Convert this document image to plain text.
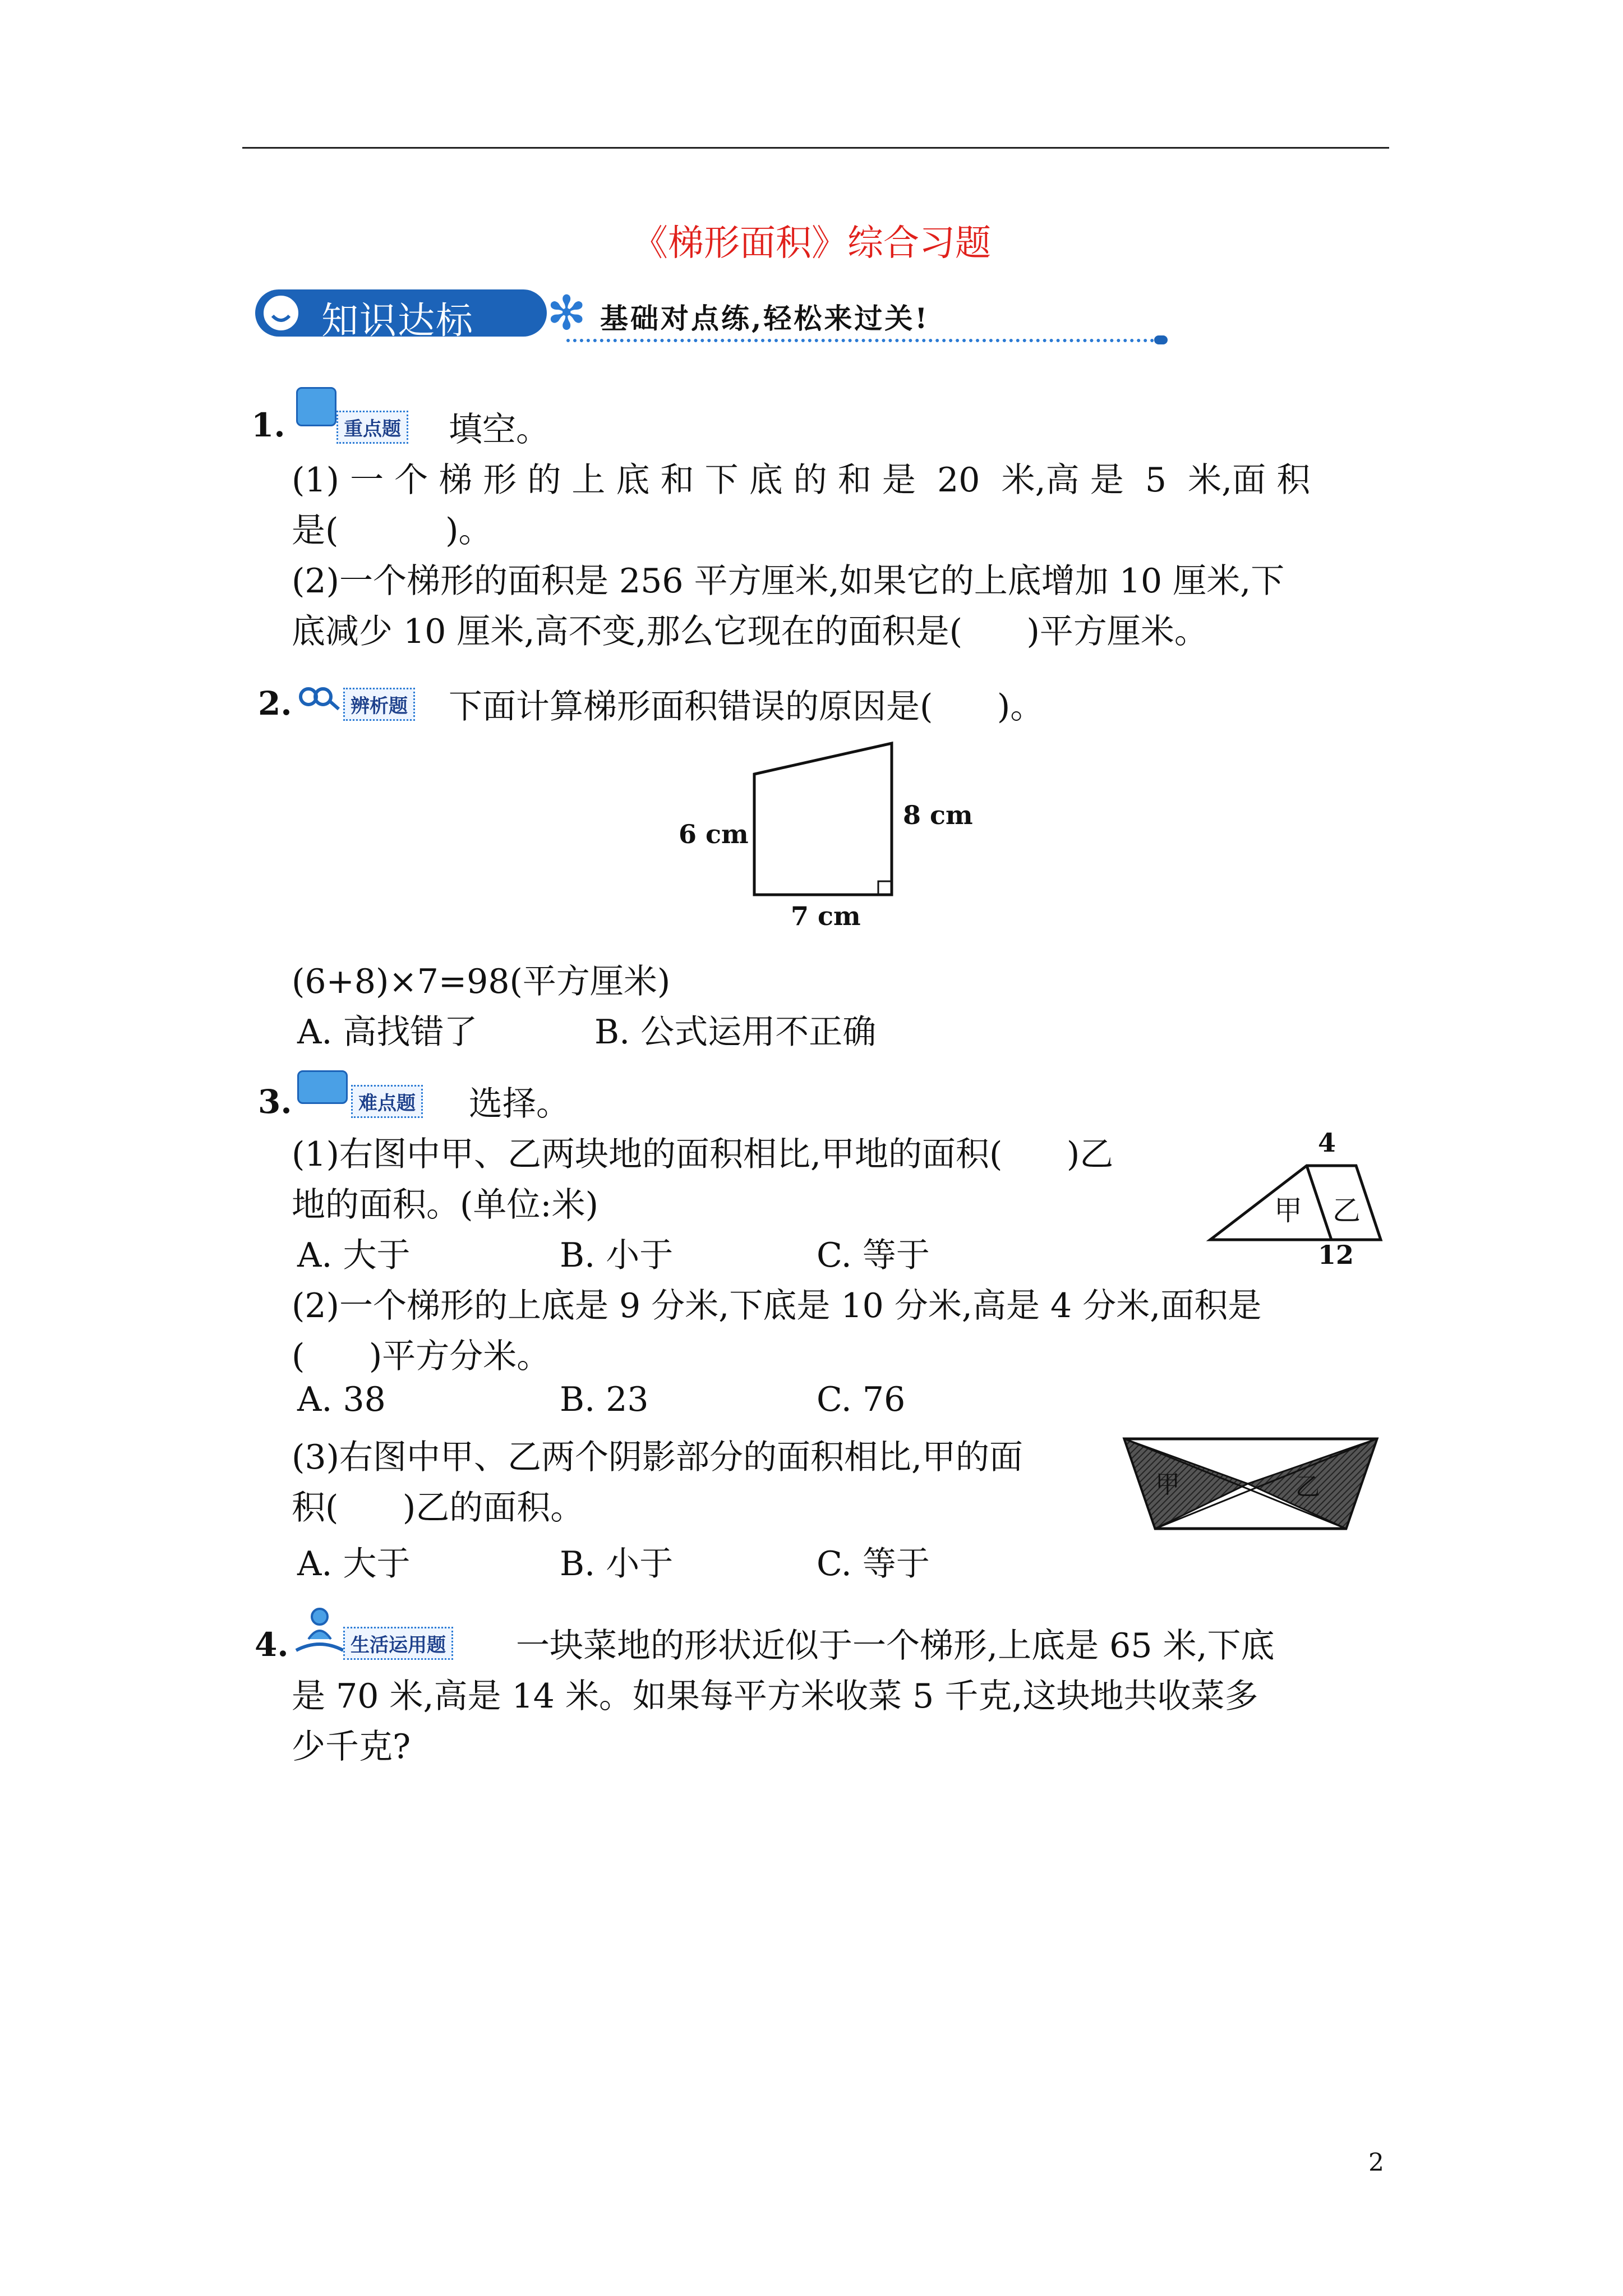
《梯形面积》综合习题
知识达标 ✻ 基础对点练,轻松来过关!
1.	重点题 填空。
(1) 一 个 梯 形 的 上 底 和 下 底 的 和 是  20  米,高 是  5  米,面 积
是(          )。
(2)一个梯形的面积是 256 平方厘米,如果它的上底增加 10 厘米,下
底减少 10 厘米,高不变,那么它现在的面积是(      )平方厘米。
2.	辨析题 下面计算梯形面积错误的原因是(      )。
6 cm
8 cm
7 cm
(6+8)×7=98(平方厘米)
A. 高找错了	B. 公式运用不正确
3.	难点题 选择。
(1)右图中甲、乙两块地的面积相比,甲地的面积(      )乙
地的面积。(单位:米)
A. 大于	B. 小于	C. 等于
4
12
甲 乙
(2)一个梯形的上底是 9 分米,下底是 10 分米,高是 4 分米,面积是
(      )平方分米。
A. 38	B. 23	C. 76
(3)右图中甲、乙两个阴影部分的面积相比,甲的面
积(      )乙的面积。
A. 大于	B. 小于	C. 等于
甲	乙
4.	生活运用题 一块菜地的形状近似于一个梯形,上底是 65 米,下底
是 70 米,高是 14 米。如果每平方米收菜 5 千克,这块地共收菜多
少千克?
2
